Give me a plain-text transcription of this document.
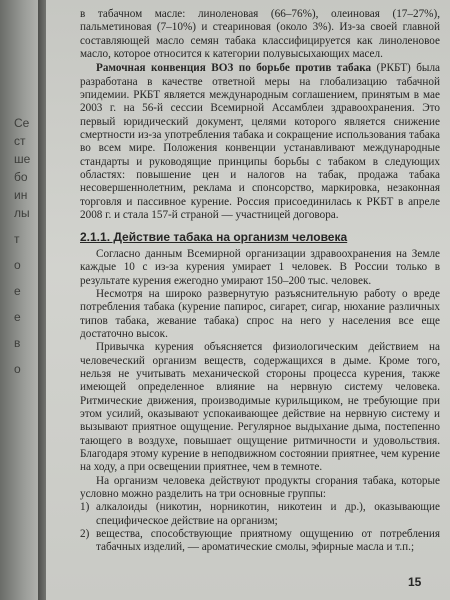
Се
ст
ше
бо
ин
лы
т
о
е
е
в
о

в табачном масле: линоленовая (66–76%), олеиновая (17–27%), пальметиновая (7–10%) и стеариновая (около 3%). Из-за своей главной составляющей масло семян табака классифицируется как линоленовое масло, которое относится к категории полувысыхающих масел.

Рамочная конвенция ВОЗ по борьбе против табака (РКБТ) была разработана в качестве ответной меры на глобализацию табачной эпидемии. РКБТ является международным соглашением, принятым в мае 2003 г. на 56-й сессии Всемирной Ассамблеи здравоохранения. Это первый юридический документ, целями которого является снижение смертности из-за употребления табака и сокращение использования табака во всем мире. Положения конвенции устанавливают международные стандарты и руководящие принципы борьбы с табаком в следующих областях: повышение цен и налогов на табак, продажа табака несовершеннолетним, реклама и спонсорство, маркировка, незаконная торговля и пассивное курение. Россия присоединилась к РКБТ в апреле 2008 г. и стала 157-й страной — участницей договора.

2.1.1. Действие табака на организм человека

Согласно данным Всемирной организации здравоохранения на Земле каждые 10 с из-за курения умирает 1 человек. В России только в результате курения ежегодно умирают 150–200 тыс. человек.

Несмотря на широко развернутую разъяснительную работу о вреде потребления табака (курение папирос, сигарет, сигар, нюхание различных типов табака, жевание табака) спрос на него у населения все еще достаточно высок.

Привычка курения объясняется физиологическим действием на человеческий организм веществ, содержащихся в дыме. Кроме того, нельзя не учитывать механической стороны процесса курения, также имеющей определенное влияние на нервную систему человека. Ритмические движения, производимые курильщиком, не требующие при этом усилий, оказывают успокаивающее действие на нервную систему и вызывают приятное ощущение. Регулярное выдыхание дыма, постепенно тающего в воздухе, повышает ощущение ритмичности и удовольствия. Благодаря этому курение в неподвижном состоянии приятнее, чем курение на ходу, а при освещении приятнее, чем в темноте.

На организм человека действуют продукты сгорания табака, которые условно можно разделить на три основные группы:

1) алкалоиды (никотин, норникотин, никотеин и др.), оказывающие специфическое действие на организм;
2) вещества, способствующие приятному ощущению от потребления табачных изделий, — ароматические смолы, эфирные масла и т.п.;
15
